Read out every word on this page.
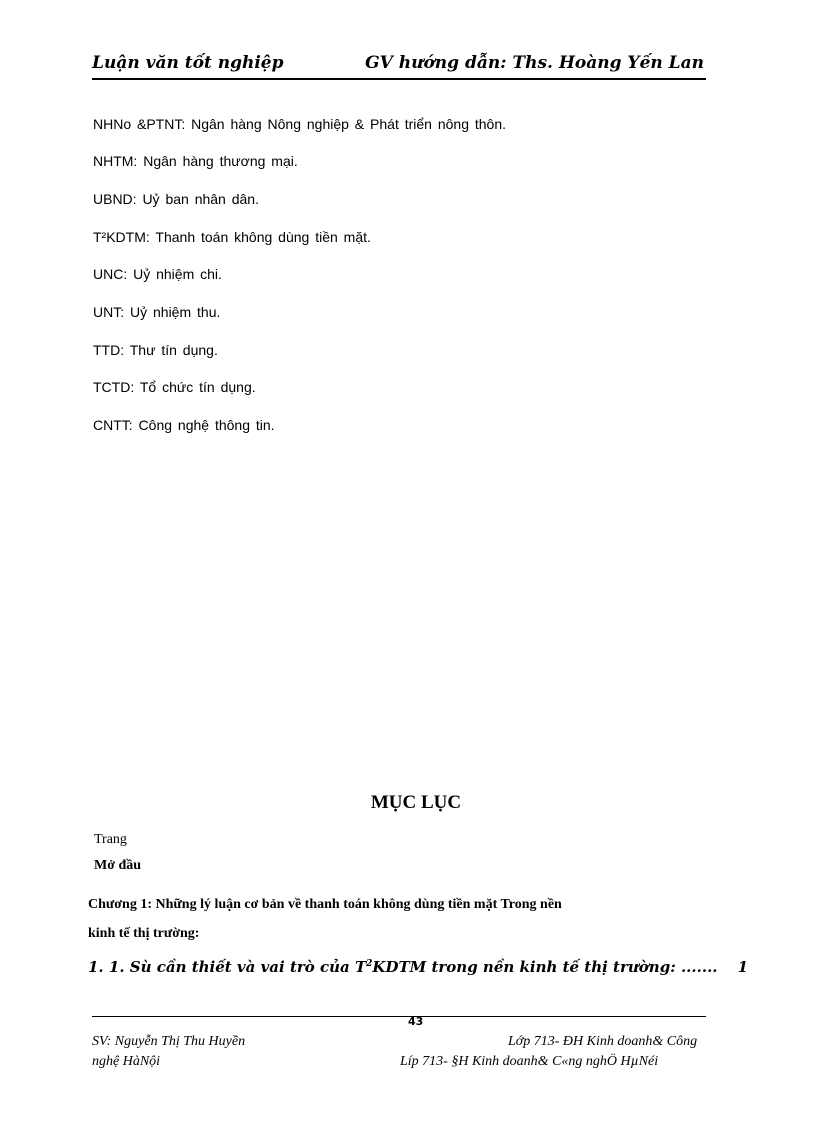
Luận văn tốt nghiệp	GV hướng dẫn: Ths. Hoàng Yến Lan
NHNo &PTNT: Ngân hàng Nông nghiệp & Phát triển nông thôn.
NHTM: Ngân hàng thương mại.
UBND: Uỷ ban nhân dân.
T²KDTM: Thanh toán không dùng tiền mặt.
UNC: Uỷ nhiệm chi.
UNT: Uỷ nhiệm thu.
TTD: Thư tín dụng.
TCTD: Tổ chức tín dụng.
CNTT: Công nghệ thông tin.
MỤC LỤC
Trang
Mở đầu
Chương 1: Những lý luận cơ bản về thanh toán không dùng tiền mặt Trong nền
kinh tế thị trường:
1. 1. Sù cần thiết và vai trò của $T^2KDTM$ trong nền kinh tế thị trường: ....... 1
43
SV: Nguyễn Thị Thu Huyền	Lớp 713- ĐH Kinh doanh& Công
nghệ HàNội	Líp 713- §H Kinh doanh& C«ng nghÖ HµNéi
